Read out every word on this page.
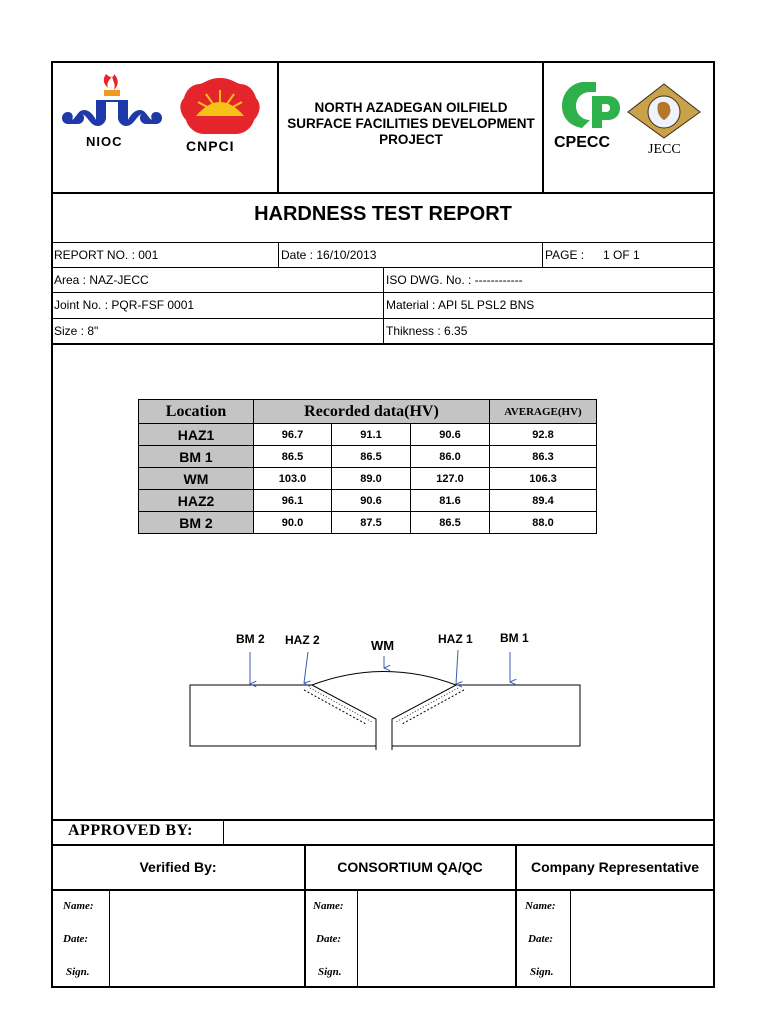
NIOC	CNPCI
NORTH AZADEGAN OILFIELD
SURFACE FACILITIES DEVELOPMENT
PROJECT	CPECC	JECC
HARDNESS TEST REPORT
REPORT NO. : 001	Date : 16/10/2013	PAGE : 1 OF 1
Area : NAZ-JECC	ISO DWG. No. : ------------
Joint No. : PQR-FSF 0001	Material : API 5L PSL2 BNS
Size : 8"	Thikness : 6.35
Location	Recorded data(HV)			AVERAGE(HV)
HAZ1	96.7	91.1	90.6	92.8
BM 1	86.5	86.5	86.0	86.3
WM	103.0	89.0	127.0	106.3
HAZ2	96.1	90.6	81.6	89.4
BM 2	90.0	87.5	86.5	88.0
BM 2 HAZ 2	WM	HAZ 1 BM 1
APPROVED BY:
Verified By:	CONSORTIUM QA/QC	Company Representative
Name:
Date:
Sign.
Name:
Date:
Sign.
Name:
Date:
Sign.
